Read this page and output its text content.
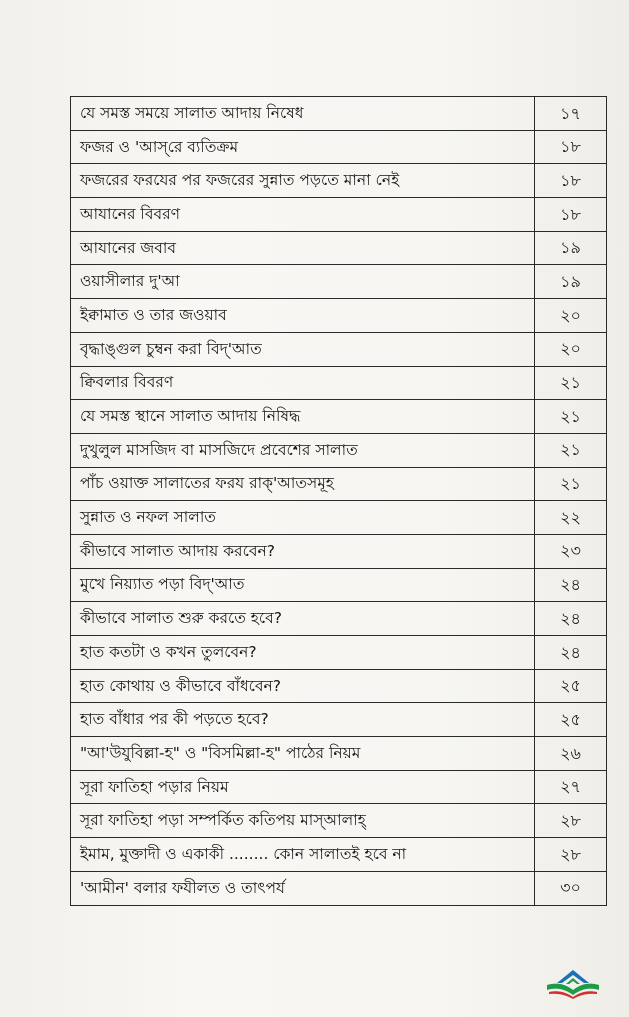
যে সমস্ত সময়ে সালাত আদায় নিষেধ	১৭
ফজর ও 'আস্‌রে ব্যতিক্রম	১৮
ফজরের ফরযের পর ফজরের সুন্নাত পড়তে মানা নেই	১৮
আযানের বিবরণ	১৮
আযানের জবাব	১৯
ওয়াসীলার দু'আ	১৯
ইক্বামাত ও তার জওয়াব	২০
বৃদ্ধাঙ্গুল চুম্বন করা বিদ্‌'আত	২০
ক্বিবলার বিবরণ	২১
যে সমস্ত স্থানে সালাত আদায় নিষিদ্ধ	২১
দুখুলুল মাসজিদ বা মাসজিদে প্রবেশের সালাত	২১
পাঁচ ওয়াক্ত সালাতের ফরয রাক্‌'আতসমূহ	২১
সুন্নাত ও নফল সালাত	২২
কীভাবে সালাত আদায় করবেন?	২৩
মুখে নিয়্যাত পড়া বিদ্‌'আত	২৪
কীভাবে সালাত শুরু করতে হবে?	২৪
হাত কতটা ও কখন তুলবেন?	২৪
হাত কোথায় ও কীভাবে বাঁধবেন?	২৫
হাত বাঁধার পর কী পড়তে হবে?	২৫
"আ'উযুবিল্লা-হ" ও "বিসমিল্লা-হ" পাঠের নিয়ম	২৬
সূরা ফাতিহা পড়ার নিয়ম	২৭
সূরা ফাতিহা পড়া সম্পর্কিত কতিপয় মাস্‌আলাহ্‌	২৮
ইমাম, মুক্তাদী ও একাকী ........ কোন সালাতই হবে না	২৮
'আমীন' বলার ফযীলত ও তাৎপর্য	৩০
